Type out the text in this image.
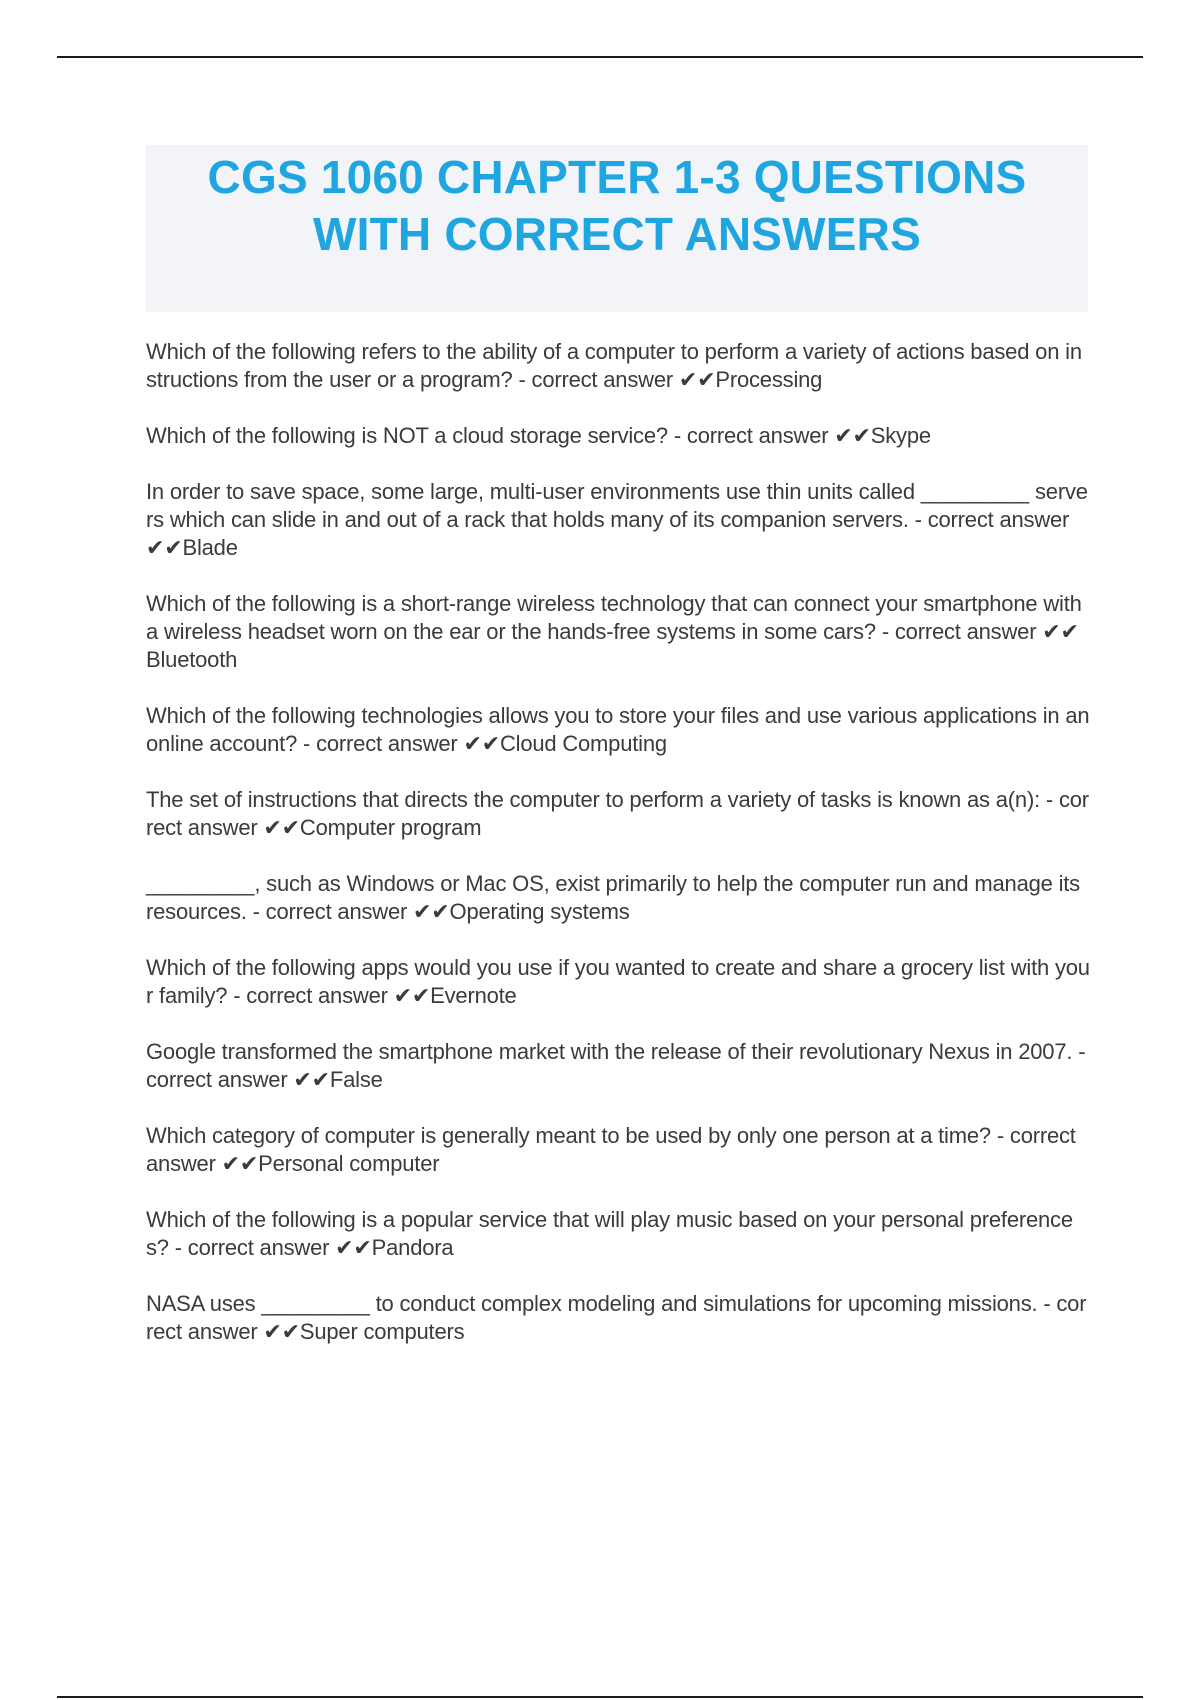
CGS 1060 CHAPTER 1-3 QUESTIONS
WITH CORRECT ANSWERS

Which of the following refers to the ability of a computer to perform a variety of actions based on instructions from the user or a program? - correct answer ✔✔Processing

Which of the following is NOT a cloud storage service? - correct answer ✔✔Skype

In order to save space, some large, multi-user environments use thin units called _________ servers which can slide in and out of a rack that holds many of its companion servers. - correct answer ✔✔Blade

Which of the following is a short-range wireless technology that can connect your smartphone with a wireless headset worn on the ear or the hands-free systems in some cars? - correct answer ✔✔Bluetooth

Which of the following technologies allows you to store your files and use various applications in an online account? - correct answer ✔✔Cloud Computing

The set of instructions that directs the computer to perform a variety of tasks is known as a(n): - correct answer ✔✔Computer program

_________, such as Windows or Mac OS, exist primarily to help the computer run and manage its resources. - correct answer ✔✔Operating systems

Which of the following apps would you use if you wanted to create and share a grocery list with your family? - correct answer ✔✔Evernote

Google transformed the smartphone market with the release of their revolutionary Nexus in 2007. - correct answer ✔✔False

Which category of computer is generally meant to be used by only one person at a time? - correct answer ✔✔Personal computer

Which of the following is a popular service that will play music based on your personal preferences? - correct answer ✔✔Pandora

NASA uses _________ to conduct complex modeling and simulations for upcoming missions. - correct answer ✔✔Super computers
